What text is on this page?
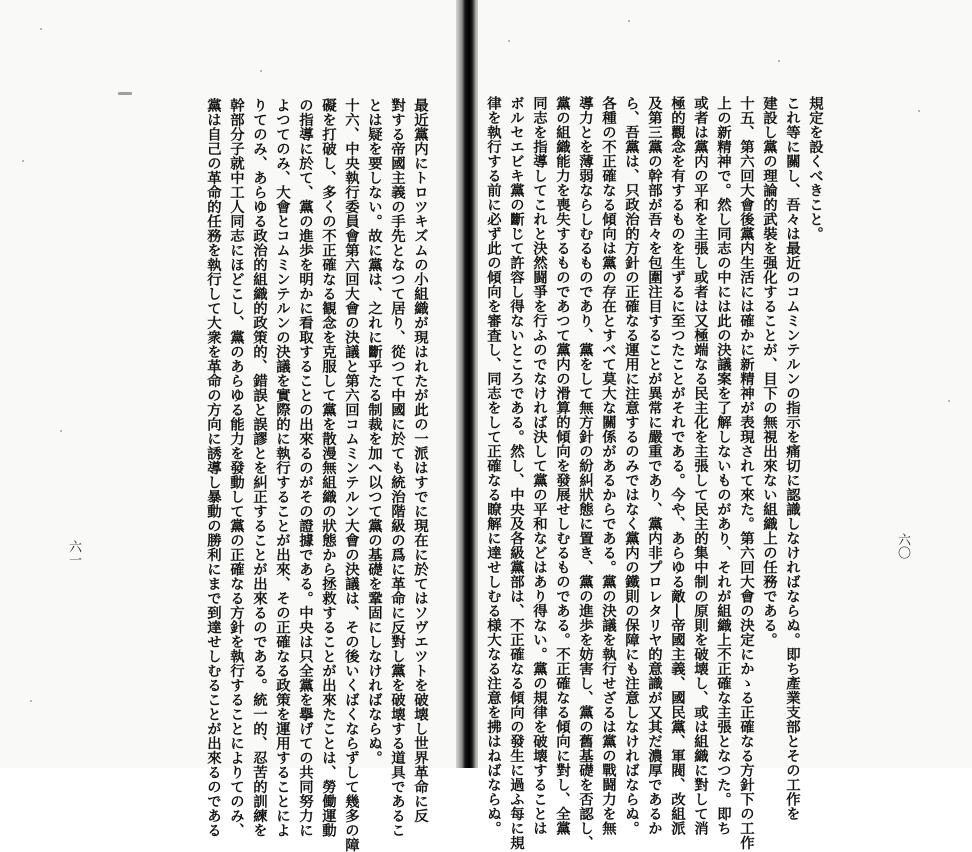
最近黨内にトロツキズムの小組織が現はれたが此の一派はすでに現在に於てはソヴエツトを破壊し世界革命に反
對する帝國主義の手先となつて居り、從つて中國に於ても統治階級の爲に革命に反對し黨を破壊する道具であるこ
とは疑を要しない。故に黨は、之れに斷乎たる制裁を加へ以つて黨の基礎を鞏固にしなければならぬ。
十六、中央執行委員會第六回大會の決議と第六回コムミンテルン大會の決議は、その後いくばくならずして幾多の障
礙を打破し、多くの不正確なる観念を克服して黨を散漫無組織の狀態から拯救することが出來たことは、勞働運動
の指導に於て、黨の進歩を明かに看取することの出來るのがその證據である。中央は只全黨を擧げての共同努力に
よつてのみ、大會とコムミンテルンの決議を實際的に執行することが出來、その正確なる政策を運用することによ
りてのみ、あらゆる政治的組織的政策的、錯誤と誤謬とを糾正することが出來るのである。統一的、忍苦的訓練を
幹部分子就中工人同志にほどこし、黨のあらゆる能力を發動して黨の正確なる方針を執行することによりてのみ、
黨は自己の革命的任務を執行して大衆を革命の方向に誘導し暴動の勝利にまで到達せしむることが出來るのである
六一
規定を設くべきこと。
これ等に關し、吾々は最近のコムミンテルンの指示を痛切に認識しなければならぬ。即ち產業支部とその工作を
建設し黨の理論的武裝を强化することが、目下の無視出來ない組織上の任務である。
十五、第六回大會後黨内生活には確かに新精神が表現されて來た。第六回大會の決定にかゝる正確なる方針下の工作
上の新精神で。然し同志の中には此の決議案を了解しないものがあり、それが組織上不正確な主張となつた。即ち
或者は黨内の平和を主張し或者は又極端なる民主化を主張して民主的集中制の原則を破壊し、或は組織に對して消
極的觀念を有するものを生ずるに至つたことがそれである。今や、あらゆる敵―帝國主義、國民黨、軍閥、改組派
及第三黨の幹部が吾々を包圍注目することが異常に嚴重であり、黨内非プロレタリヤ的意識が又其だ濃厚であるか
ら、吾黨は、只政治的方針の正確なる運用に注意するのみではなく黨内の鐵則の保障にも注意しなければならぬ。
各種の不正確なる傾向は黨の存在とすべて莫大な關係があるからである。黨の決議を執行せざるは黨の戰闘力を無
導力とを薄弱ならしむるものであり、黨をして無方針の紛糾狀態に置き、黨の進歩を妨害し、黨の舊基礎を否認し、
黨の組織能力を喪失するものであつて黨内の滑算的傾向を發展せしむるものである。不正確なる傾向に對し、全黨
同志を指導してこれと決然闘爭を行ふのでなければ決して黨の平和などはあり得ない。黨の規律を破壊することは
ボルセエビキ黨の斷じて許容し得ないところである。然し、中央及各級黨部は、不正確なる傾向の發生に過ふ每に規
律を執行する前に必ず此の傾向を審査し、同志をして正確なる瞭解に達せしむる様大なる注意を拂はねばならぬ。	六〇
